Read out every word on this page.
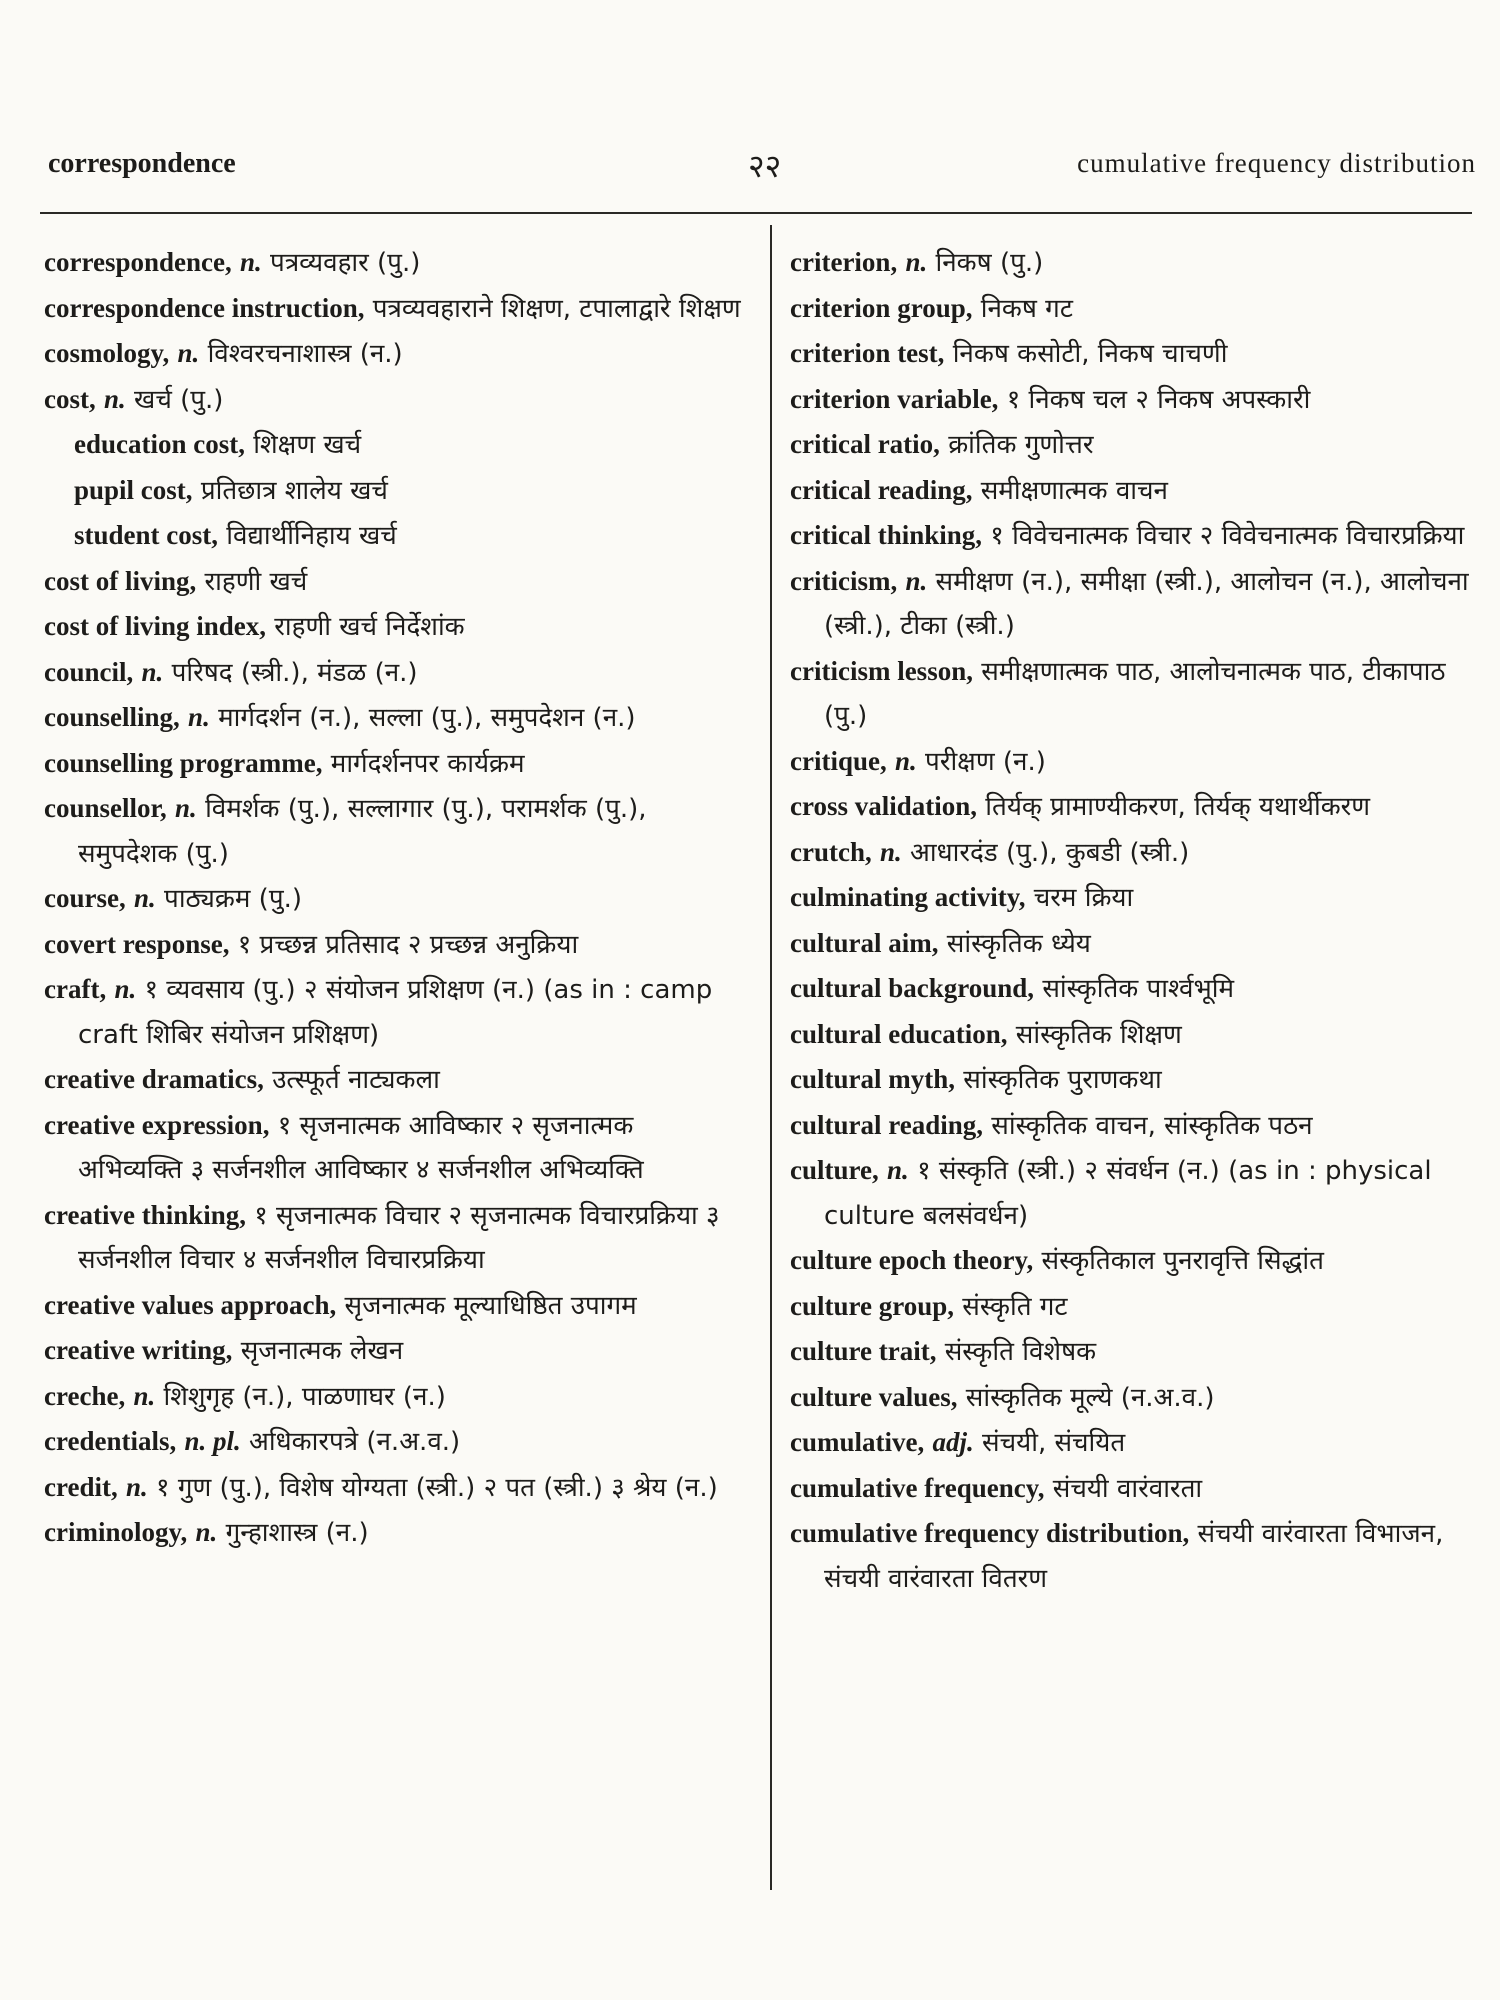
correspondence	२२	cumulative frequency distribution
correspondence, n. पत्रव्यवहार (पु.)
correspondence instruction, पत्रव्यवहाराने शिक्षण, टपालाद्वारे शिक्षण
cosmology, n. विश्वरचनाशास्त्र (न.)
cost, n. खर्च (पु.)
education cost, शिक्षण खर्च
pupil cost, प्रतिछात्र शालेय खर्च
student cost, विद्यार्थीनिहाय खर्च
cost of living, राहणी खर्च
cost of living index, राहणी खर्च निर्देशांक
council, n. परिषद (स्त्री.), मंडळ (न.)
counselling, n. मार्गदर्शन (न.), सल्ला (पु.), समुपदेशन (न.)
counselling programme, मार्गदर्शनपर कार्यक्रम
counsellor, n. विमर्शक (पु.), सल्लागार (पु.), परामर्शक (पु.), समुपदेशक (पु.)
course, n. पाठ्यक्रम (पु.)
covert response, १ प्रच्छन्न प्रतिसाद २ प्रच्छन्न अनुक्रिया
craft, n. १ व्यवसाय (पु.) २ संयोजन प्रशिक्षण (न.) (as in : camp craft शिबिर संयोजन प्रशिक्षण)
creative dramatics, उत्स्फूर्त नाट्यकला
creative expression, १ सृजनात्मक आविष्कार २ सृजनात्मक अभिव्यक्ति ३ सर्जनशील आविष्कार ४ सर्जनशील अभिव्यक्ति
creative thinking, १ सृजनात्मक विचार २ सृजनात्मक विचारप्रक्रिया ३ सर्जनशील विचार ४ सर्जनशील विचारप्रक्रिया
creative values approach, सृजनात्मक मूल्याधिष्ठित उपागम
creative writing, सृजनात्मक लेखन
creche, n. शिशुगृह (न.), पाळणाघर (न.)
credentials, n. pl. अधिकारपत्रे (न.अ.व.)
credit, n. १ गुण (पु.), विशेष योग्यता (स्त्री.) २ पत (स्त्री.) ३ श्रेय (न.)
criminology, n. गुन्हाशास्त्र (न.)
criterion, n. निकष (पु.)
criterion group, निकष गट
criterion test, निकष कसोटी, निकष चाचणी
criterion variable, १ निकष चल २ निकष अपस्कारी
critical ratio, क्रांतिक गुणोत्तर
critical reading, समीक्षणात्मक वाचन
critical thinking, १ विवेचनात्मक विचार २ विवेचनात्मक विचारप्रक्रिया
criticism, n. समीक्षण (न.), समीक्षा (स्त्री.), आलोचन (न.), आलोचना (स्त्री.), टीका (स्त्री.)
criticism lesson, समीक्षणात्मक पाठ, आलोचनात्मक पाठ, टीकापाठ (पु.)
critique, n. परीक्षण (न.)
cross validation, तिर्यक् प्रामाण्यीकरण, तिर्यक् यथार्थीकरण
crutch, n. आधारदंड (पु.), कुबडी (स्त्री.)
culminating activity, चरम क्रिया
cultural aim, सांस्कृतिक ध्येय
cultural background, सांस्कृतिक पार्श्वभूमि
cultural education, सांस्कृतिक शिक्षण
cultural myth, सांस्कृतिक पुराणकथा
cultural reading, सांस्कृतिक वाचन, सांस्कृतिक पठन
culture, n. १ संस्कृति (स्त्री.) २ संवर्धन (न.) (as in : physical culture बलसंवर्धन)
culture epoch theory, संस्कृतिकाल पुनरावृत्ति सिद्धांत
culture group, संस्कृति गट
culture trait, संस्कृति विशेषक
culture values, सांस्कृतिक मूल्ये (न.अ.व.)
cumulative, adj. संचयी, संचयित
cumulative frequency, संचयी वारंवारता
cumulative frequency distribution, संचयी वारंवारता विभाजन, संचयी वारंवारता वितरण
